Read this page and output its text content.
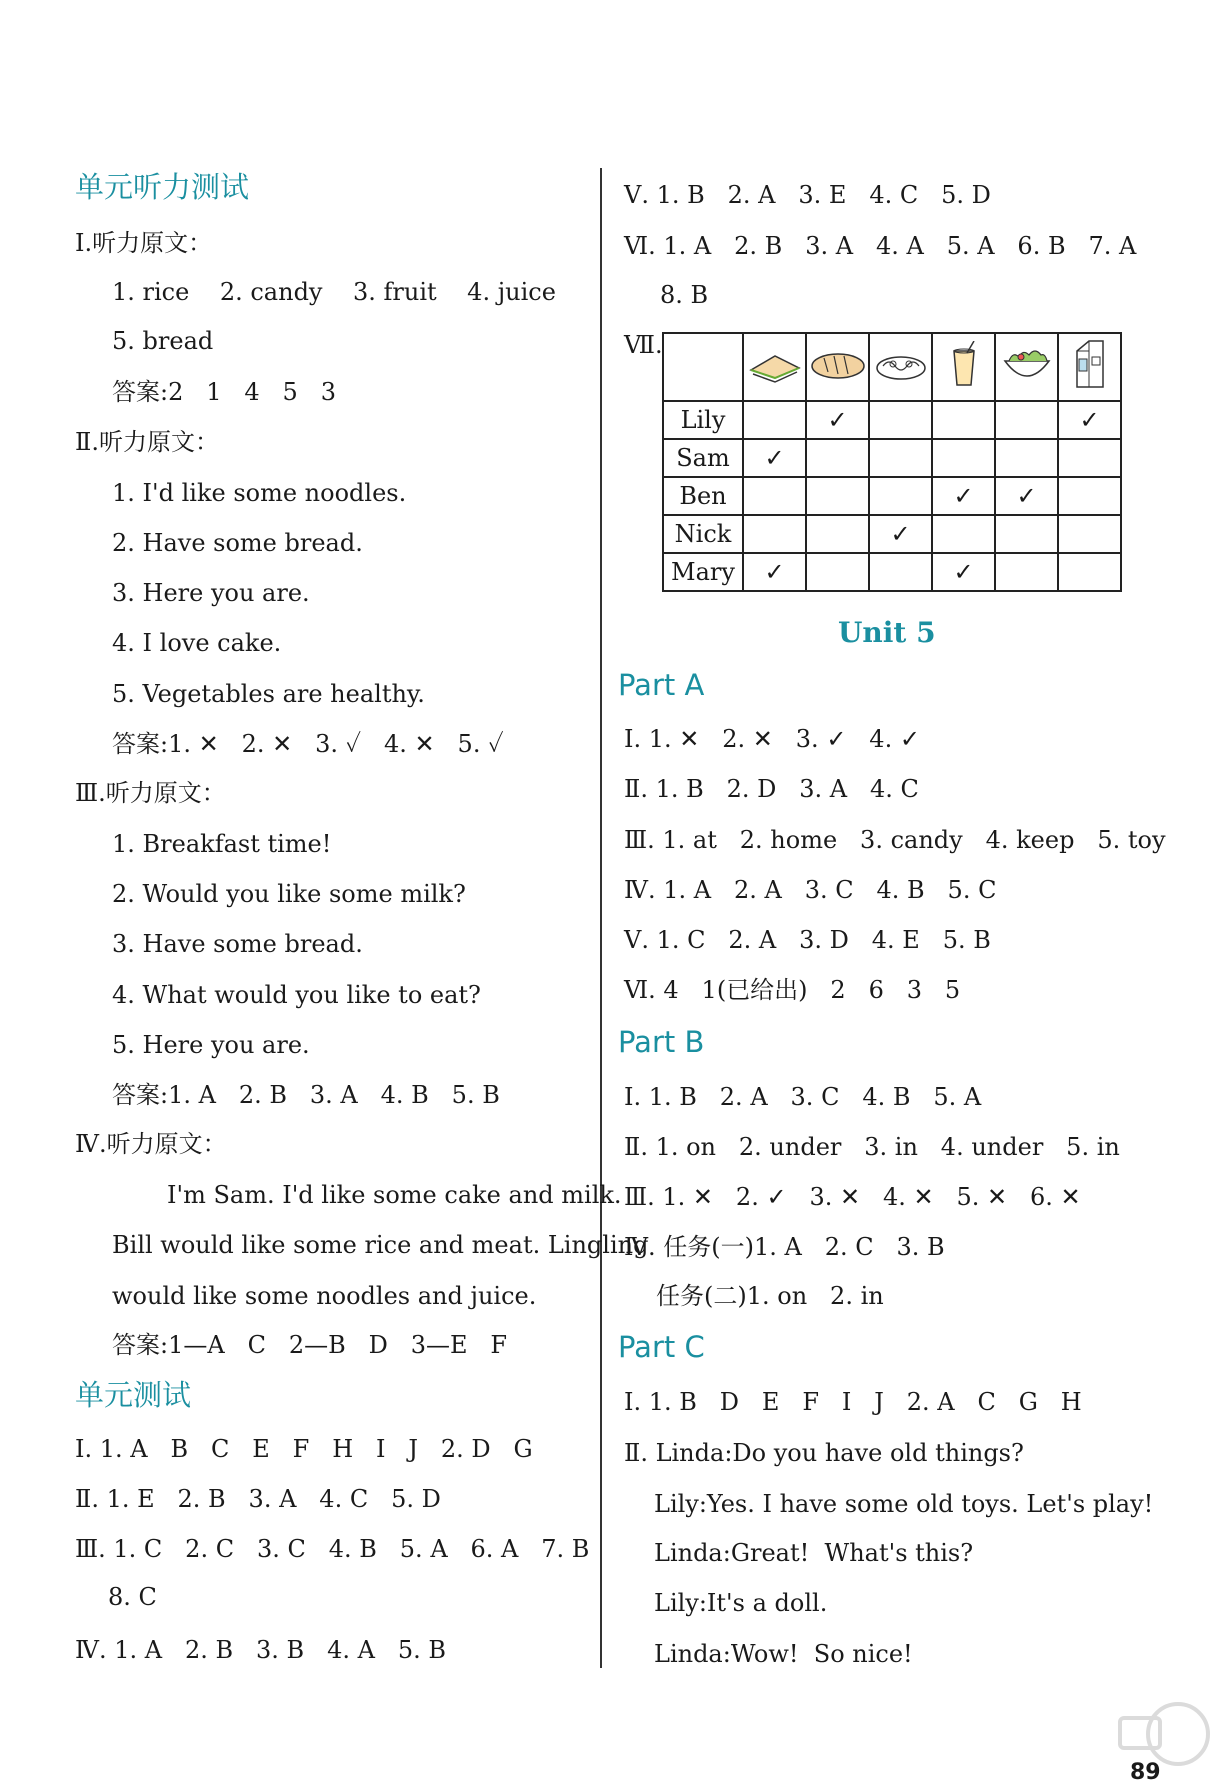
单元听力测试
Ⅰ.听力原文：
1. rice    2. candy    3. fruit    4. juice
5. bread
答案:2   1   4   5   3
Ⅱ.听力原文：
1. I'd like some noodles.
2. Have some bread.
3. Here you are.
4. I love cake.
5. Vegetables are healthy.
答案:1. ✕   2. ✕   3. ✓   4. ✕   5. ✓
Ⅲ.听力原文：
1. Breakfast time!
2. Would you like some milk?
3. Have some bread.
4. What would you like to eat?
5. Here you are.
答案:1. A   2. B   3. A   4. B   5. B
Ⅳ.听力原文：
I'm Sam. I'd like some cake and milk.
Bill would like some rice and meat. Lingling
would like some noodles and juice.
答案:1—A   C   2—B   D   3—E   F
单元测试
Ⅰ. 1. A   B   C   E   F   H   I   J   2. D   G
Ⅱ. 1. E   2. B   3. A   4. C   5. D
Ⅲ. 1. C   2. C   3. C   4. B   5. A   6. A   7. B
8. C
Ⅳ. 1. A   2. B   3. B   4. A   5. B
Ⅴ. 1. B   2. A   3. E   4. C   5. D
Ⅵ. 1. A   2. B   3. A   4. A   5. A   6. B   7. A
8. B
Ⅶ.

Lily		✓				✓
Sam	✓					
Ben				✓	✓	
Nick			✓			
Mary	✓			✓		
Unit 5
Part A
Ⅰ. 1. ✕   2. ✕   3. ✓   4. ✓
Ⅱ. 1. B   2. D   3. A   4. C
Ⅲ. 1. at   2. home   3. candy   4. keep   5. toy
Ⅳ. 1. A   2. A   3. C   4. B   5. C
Ⅴ. 1. C   2. A   3. D   4. E   5. B
Ⅵ. 4   1(已给出)   2   6   3   5
Part B
Ⅰ. 1. B   2. A   3. C   4. B   5. A
Ⅱ. 1. on   2. under   3. in   4. under   5. in
Ⅲ. 1. ✕   2. ✓   3. ✕   4. ✕   5. ✕   6. ✕
Ⅳ. 任务(一)1. A   2. C   3. B
任务(二)1. on   2. in
Part C
Ⅰ. 1. B   D   E   F   I   J   2. A   C   G   H
Ⅱ. Linda:Do you have old things?
Lily:Yes. I have some old toys. Let's play!
Linda:Great!  What's this?
Lily:It's a doll.
Linda:Wow!  So nice!
89
